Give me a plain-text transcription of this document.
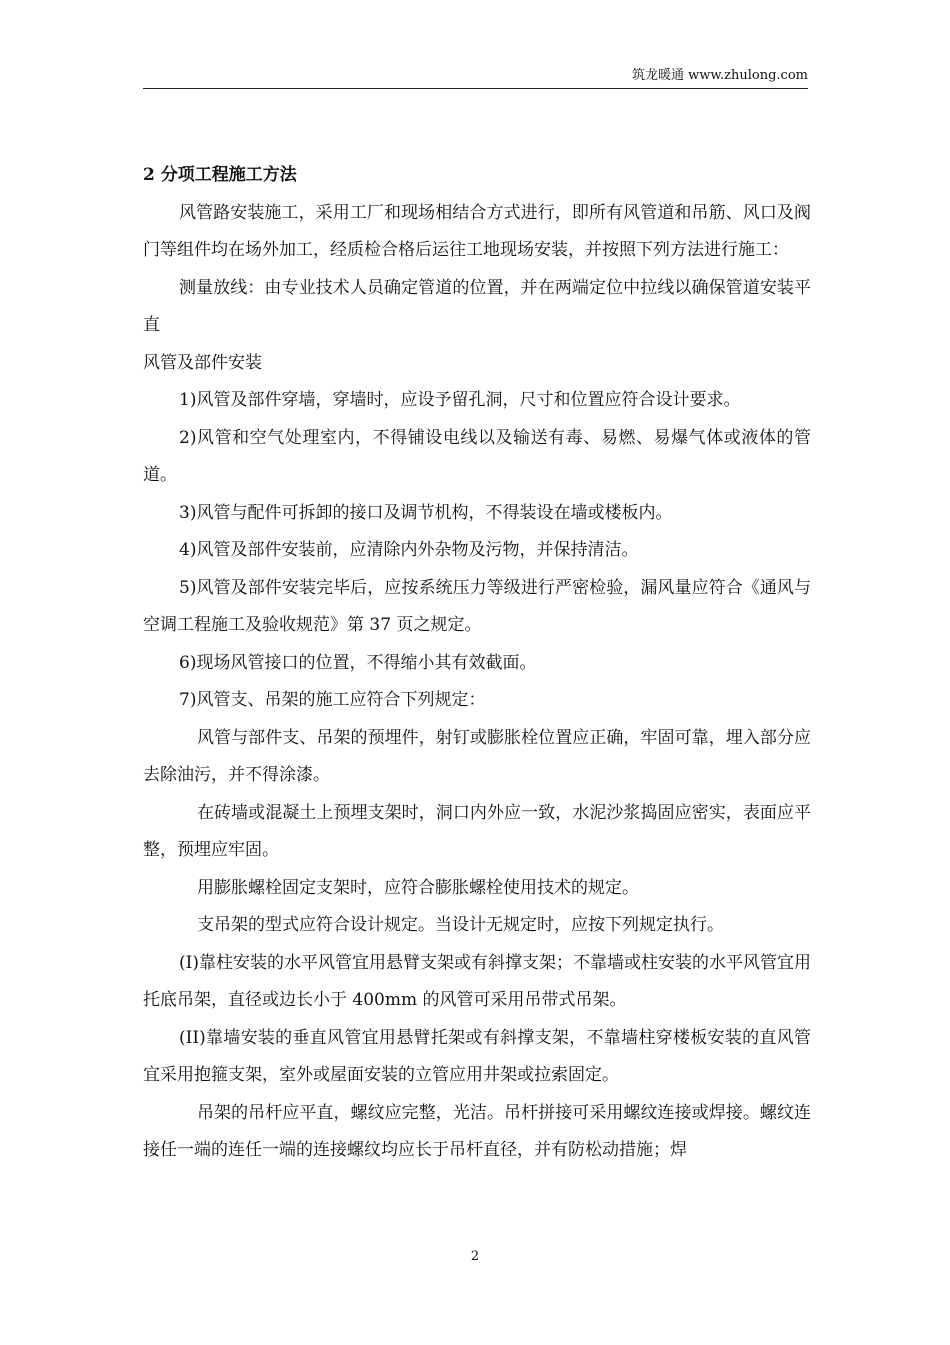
筑龙暖通 www.zhulong.com

2 分项工程施工方法

风管路安装施工，采用工厂和现场相结合方式进行，即所有风管道和吊筋、风口及阀门等组件均在场外加工，经质检合格后运往工地现场安装，并按照下列方法进行施工：

测量放线：由专业技术人员确定管道的位置，并在两端定位中拉线以确保管道安装平直

风管及部件安装

1)风管及部件穿墙，穿墙时，应设予留孔洞，尺寸和位置应符合设计要求。

2)风管和空气处理室内，不得铺设电线以及输送有毒、易燃、易爆气体或液体的管道。

3)风管与配件可拆卸的接口及调节机构，不得装设在墙或楼板内。

4)风管及部件安装前，应清除内外杂物及污物，并保持清洁。

5)风管及部件安装完毕后，应按系统压力等级进行严密检验，漏风量应符合《通风与空调工程施工及验收规范》第 37 页之规定。

6)现场风管接口的位置，不得缩小其有效截面。

7)风管支、吊架的施工应符合下列规定：

风管与部件支、吊架的预埋件，射钉或膨胀栓位置应正确，牢固可靠，埋入部分应去除油污，并不得涂漆。

在砖墙或混凝土上预埋支架时，洞口内外应一致，水泥沙浆捣固应密实，表面应平整，预埋应牢固。

用膨胀螺栓固定支架时，应符合膨胀螺栓使用技术的规定。

支吊架的型式应符合设计规定。当设计无规定时，应按下列规定执行。

(I)靠柱安装的水平风管宜用悬臂支架或有斜撑支架；不靠墙或柱安装的水平风管宜用托底吊架，直径或边长小于 400mm 的风管可采用吊带式吊架。

(II)靠墙安装的垂直风管宜用悬臂托架或有斜撑支架，不靠墙柱穿楼板安装的直风管宜采用抱箍支架，室外或屋面安装的立管应用井架或拉索固定。

吊架的吊杆应平直，螺纹应完整，光洁。吊杆拼接可采用螺纹连接或焊接。螺纹连接任一端的连任一端的连接螺纹均应长于吊杆直径，并有防松动措施；焊

2
